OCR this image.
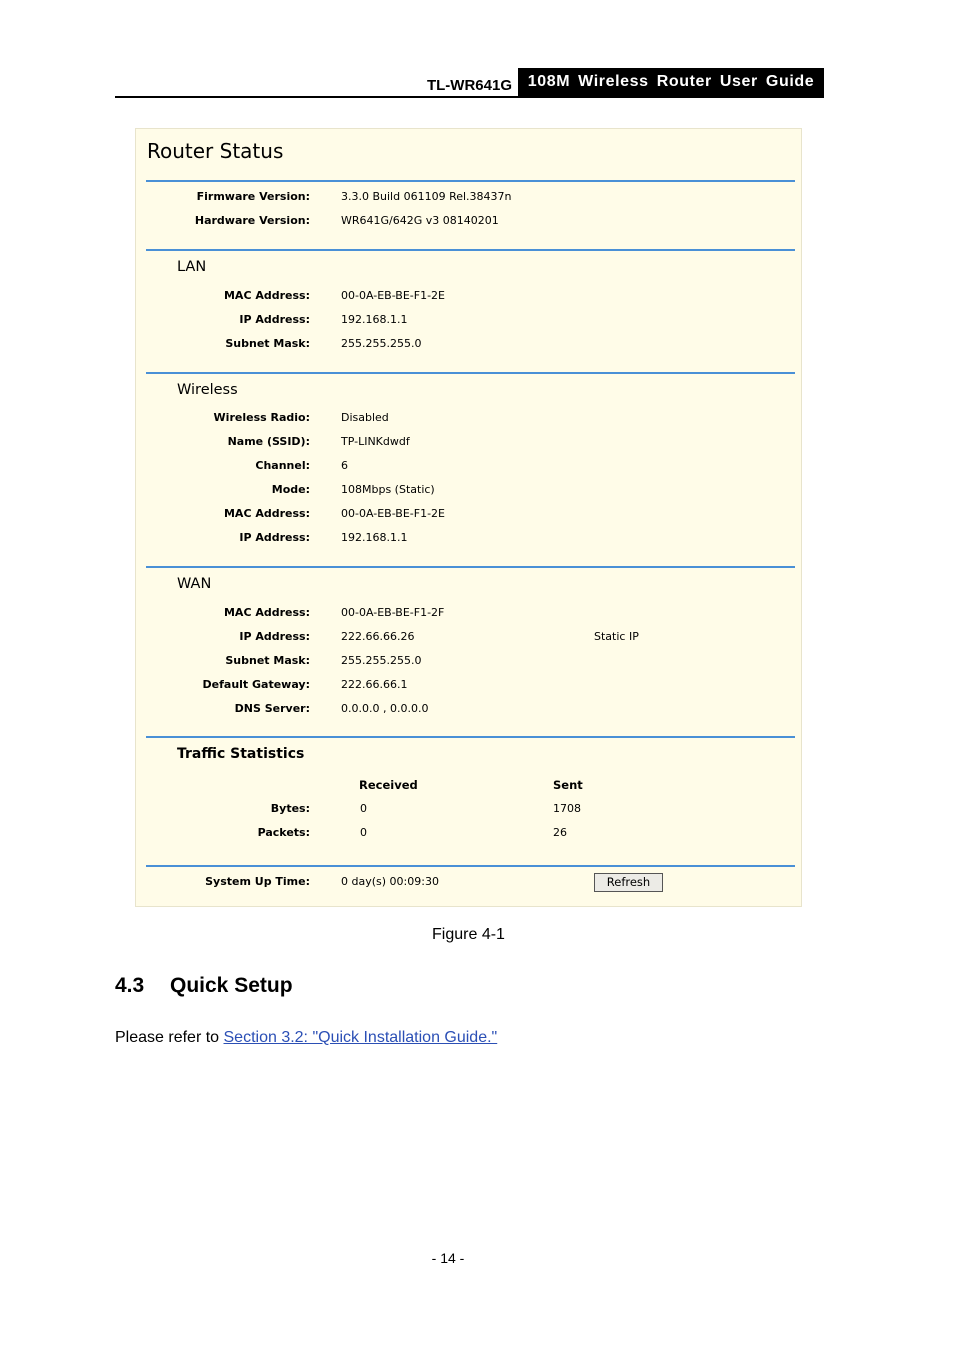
TL-WR641G 108M Wireless Router User Guide
Router Status
Firmware Version:	3.3.0 Build 061109 Rel.38437n
Hardware Version:	WR641G/642G v3 08140201
LAN
MAC Address:	00-0A-EB-BE-F1-2E
IP Address:	192.168.1.1
Subnet Mask:	255.255.255.0
Wireless
Wireless Radio:	Disabled
Name (SSID):	TP-LINKdwdf
Channel:	6
Mode:	108Mbps (Static)
MAC Address:	00-0A-EB-BE-F1-2E
IP Address:	192.168.1.1
WAN
MAC Address:	00-0A-EB-BE-F1-2F
IP Address:	222.66.66.26	Static IP
Subnet Mask:	255.255.255.0
Default Gateway:	222.66.66.1
DNS Server:	0.0.0.0 , 0.0.0.0
Traffic Statistics
Received	Sent
Bytes:	0	1708
Packets:	0	26
System Up Time:	0 day(s) 00:09:30	Refresh
Figure 4-1
4.3 Quick Setup
Please refer to Section 3.2: "Quick Installation Guide."
- 14 -
